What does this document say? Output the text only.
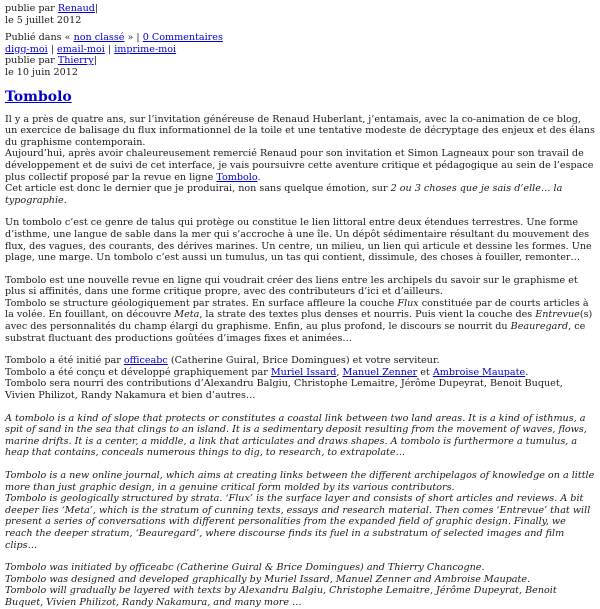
publie par Renaud|
le 5 juillet 2012
Publié dans « non classé » | 0 Commentaires
digg-moi | email-moi | imprime-moi
publie par Thierry|
le 10 juin 2012
Tombolo

Il y a près de quatre ans, sur l’invitation généreuse de Renaud Huberlant, j’entamais, avec la co-animation de ce blog, un exercice de balisage du flux informationnel de la toile et une tentative modeste de décryptage des enjeux et des élans du graphisme contemporain.
Aujourd’hui, après avoir chaleureusement remercié Renaud pour son invitation et Simon Lagneaux pour son travail de développement et de suivi de cet interface, je vais poursuivre cette aventure critique et pédagogique au sein de l’espace plus collectif proposé par la revue en ligne Tombolo.
Cet article est donc le dernier que je produirai, non sans quelque émotion, sur 2 ou 3 choses que je sais d’elle… la typographie.

Un tombolo c’est ce genre de talus qui protège ou constitue le lien littoral entre deux étendues terrestres. Une forme d’isthme, une langue de sable dans la mer qui s’accroche à une île. Un dépôt sédimentaire résultant du mouvement des flux, des vagues, des courants, des dérives marines. Un centre, un milieu, un lien qui articule et dessine les formes. Une plage, une marge. Un tombolo c’est aussi un tumulus, un tas qui contient, dissimule, des choses à fouiller, remonter…

Tombolo est une nouvelle revue en ligne qui voudrait créer des liens entre les archipels du savoir sur le graphisme et plus si affinités, dans une forme critique propre, avec des contributeurs d’ici et d’ailleurs.
Tombolo se structure géologiquement par strates. En surface affleure la couche Flux constituée par de courts articles à la volée. En fouillant, on découvre Meta, la strate des textes plus denses et nourris. Puis vient la couche des Entrevue(s) avec des personnalités du champ élargi du graphisme. Enfin, au plus profond, le discours se nourrit du Beauregard, ce substrat fluctuant des productions goûtées d’images fixes et animées…

Tombolo a été initié par officeabc (Catherine Guiral, Brice Domingues) et votre serviteur.
Tombolo a été conçu et développé graphiquement par Muriel Issard, Manuel Zenner et Ambroise Maupate.
Tombolo sera nourri des contributions d’Alexandru Balgiu, Christophe Lemaitre, Jérôme Dupeyrat, Benoit Buquet, Vivien Philizot, Randy Nakamura et bien d’autres…

A tombolo is a kind of slope that protects or constitutes a coastal link between two land areas. It is a kind of isthmus, a spit of sand in the sea that clings to an island. It is a sedimentary deposit resulting from the movement of waves, flows, marine drifts. It is a center, a middle, a link that articulates and draws shapes. A tombolo is furthermore a tumulus, a heap that contains, conceals numerous things to dig, to research, to extrapolate…

Tombolo is a new online journal, which aims at creating links between the different archipelagos of knowledge on a little more than just graphic design, in a genuine critical form molded by its various contributors.
Tombolo is geologically structured by strata. ‘Flux’ is the surface layer and consists of short articles and reviews. A bit deeper lies ‘Meta’, which is the stratum of cunning texts, essays and research material. Then comes ‘Entrevue’ that will present a series of conversations with different personalities from the expanded field of graphic design. Finally, we reach the deeper stratum, ‘Beauregard’, where discourse finds its fuel in a substratum of selected images and film clips…

Tombolo was initiated by officeabc (Catherine Guiral & Brice Domingues) and Thierry Chancogne.
Tombolo was designed and developed graphically by Muriel Issard, Manuel Zenner and Ambroise Maupate.
Tombolo will gradually be layered with texts by Alexandru Balgiu, Christophe Lemaitre, Jérôme Dupeyrat, Benoit Buquet, Vivien Philizot, Randy Nakamura, and many more …
